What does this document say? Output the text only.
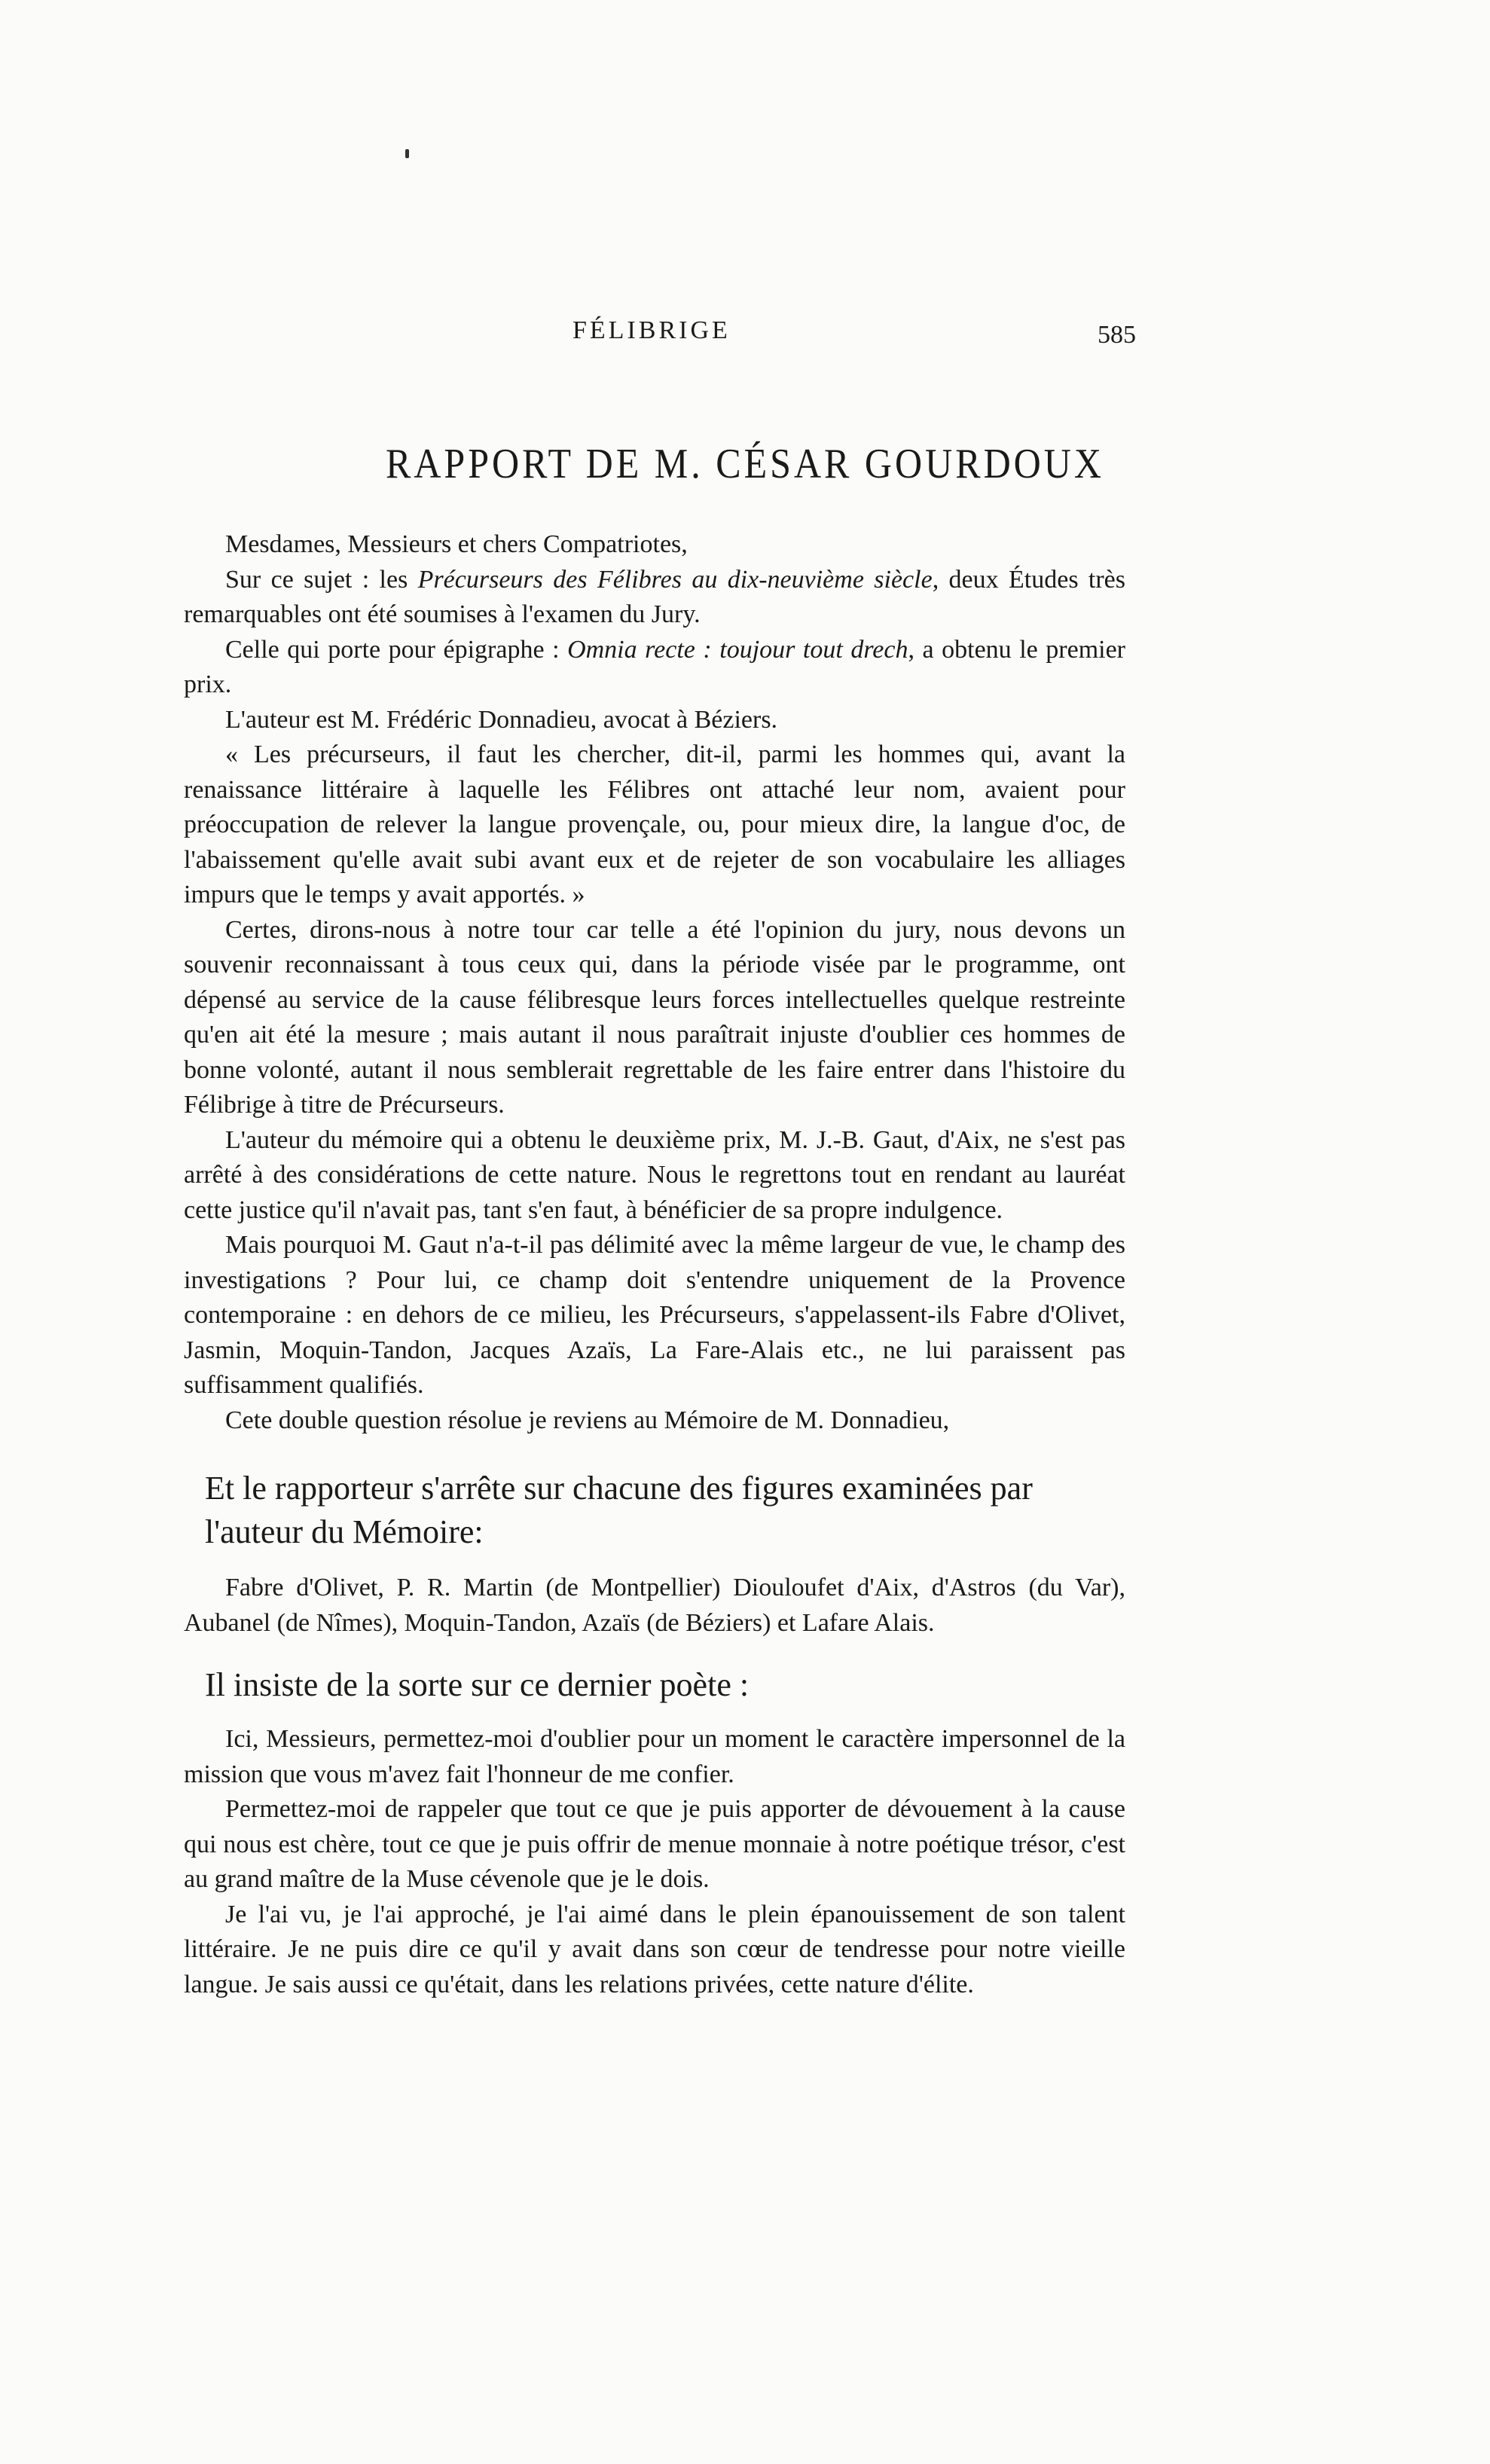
FÉLIBRIGE	585
RAPPORT DE M. CÉSAR GOURDOUX

Mesdames, Messieurs et chers Compatriotes,

Sur ce sujet : les Précurseurs des Félibres au dix-neuvième siècle, deux Études très remarquables ont été soumises à l'examen du Jury.

Celle qui porte pour épigraphe : Omnia recte : toujour tout drech, a obtenu le premier prix.

L'auteur est M. Frédéric Donnadieu, avocat à Béziers.

« Les précurseurs, il faut les chercher, dit-il, parmi les hommes qui, avant la renaissance littéraire à laquelle les Félibres ont attaché leur nom, avaient pour préoccupation de relever la langue provençale, ou, pour mieux dire, la langue d'oc, de l'abaissement qu'elle avait subi avant eux et de rejeter de son vocabulaire les alliages impurs que le temps y avait apportés. »

Certes, dirons-nous à notre tour car telle a été l'opinion du jury, nous devons un souvenir reconnaissant à tous ceux qui, dans la période visée par le programme, ont dépensé au service de la cause félibresque leurs forces intellectuelles quelque restreinte qu'en ait été la mesure ; mais autant il nous paraîtrait injuste d'oublier ces hommes de bonne volonté, autant il nous semblerait regrettable de les faire entrer dans l'histoire du Félibrige à titre de Précurseurs.

L'auteur du mémoire qui a obtenu le deuxième prix, M. J.-B. Gaut, d'Aix, ne s'est pas arrêté à des considérations de cette nature. Nous le regrettons tout en rendant au lauréat cette justice qu'il n'avait pas, tant s'en faut, à bénéficier de sa propre indulgence.

Mais pourquoi M. Gaut n'a-t-il pas délimité avec la même largeur de vue, le champ des investigations ? Pour lui, ce champ doit s'entendre uniquement de la Provence contemporaine : en dehors de ce milieu, les Précurseurs, s'appelassent-ils Fabre d'Olivet, Jasmin, Moquin-Tandon, Jacques Azaïs, La Fare-Alais etc., ne lui paraissent pas suffisamment qualifiés.

Cete double question résolue je reviens au Mémoire de M. Donnadieu,

Et le rapporteur s'arrête sur chacune des figures examinées par l'auteur du Mémoire:

Fabre d'Olivet, P. R. Martin (de Montpellier) Diouloufet d'Aix, d'Astros (du Var), Aubanel (de Nîmes), Moquin-Tandon, Azaïs (de Béziers) et Lafare Alais.

Il insiste de la sorte sur ce dernier poète :

Ici, Messieurs, permettez-moi d'oublier pour un moment le caractère impersonnel de la mission que vous m'avez fait l'honneur de me confier.

Permettez-moi de rappeler que tout ce que je puis apporter de dévouement à la cause qui nous est chère, tout ce que je puis offrir de menue monnaie à notre poétique trésor, c'est au grand maître de la Muse cévenole que je le dois.

Je l'ai vu, je l'ai approché, je l'ai aimé dans le plein épanouissement de son talent littéraire. Je ne puis dire ce qu'il y avait dans son cœur de tendresse pour notre vieille langue. Je sais aussi ce qu'était, dans les relations privées, cette nature d'élite.
